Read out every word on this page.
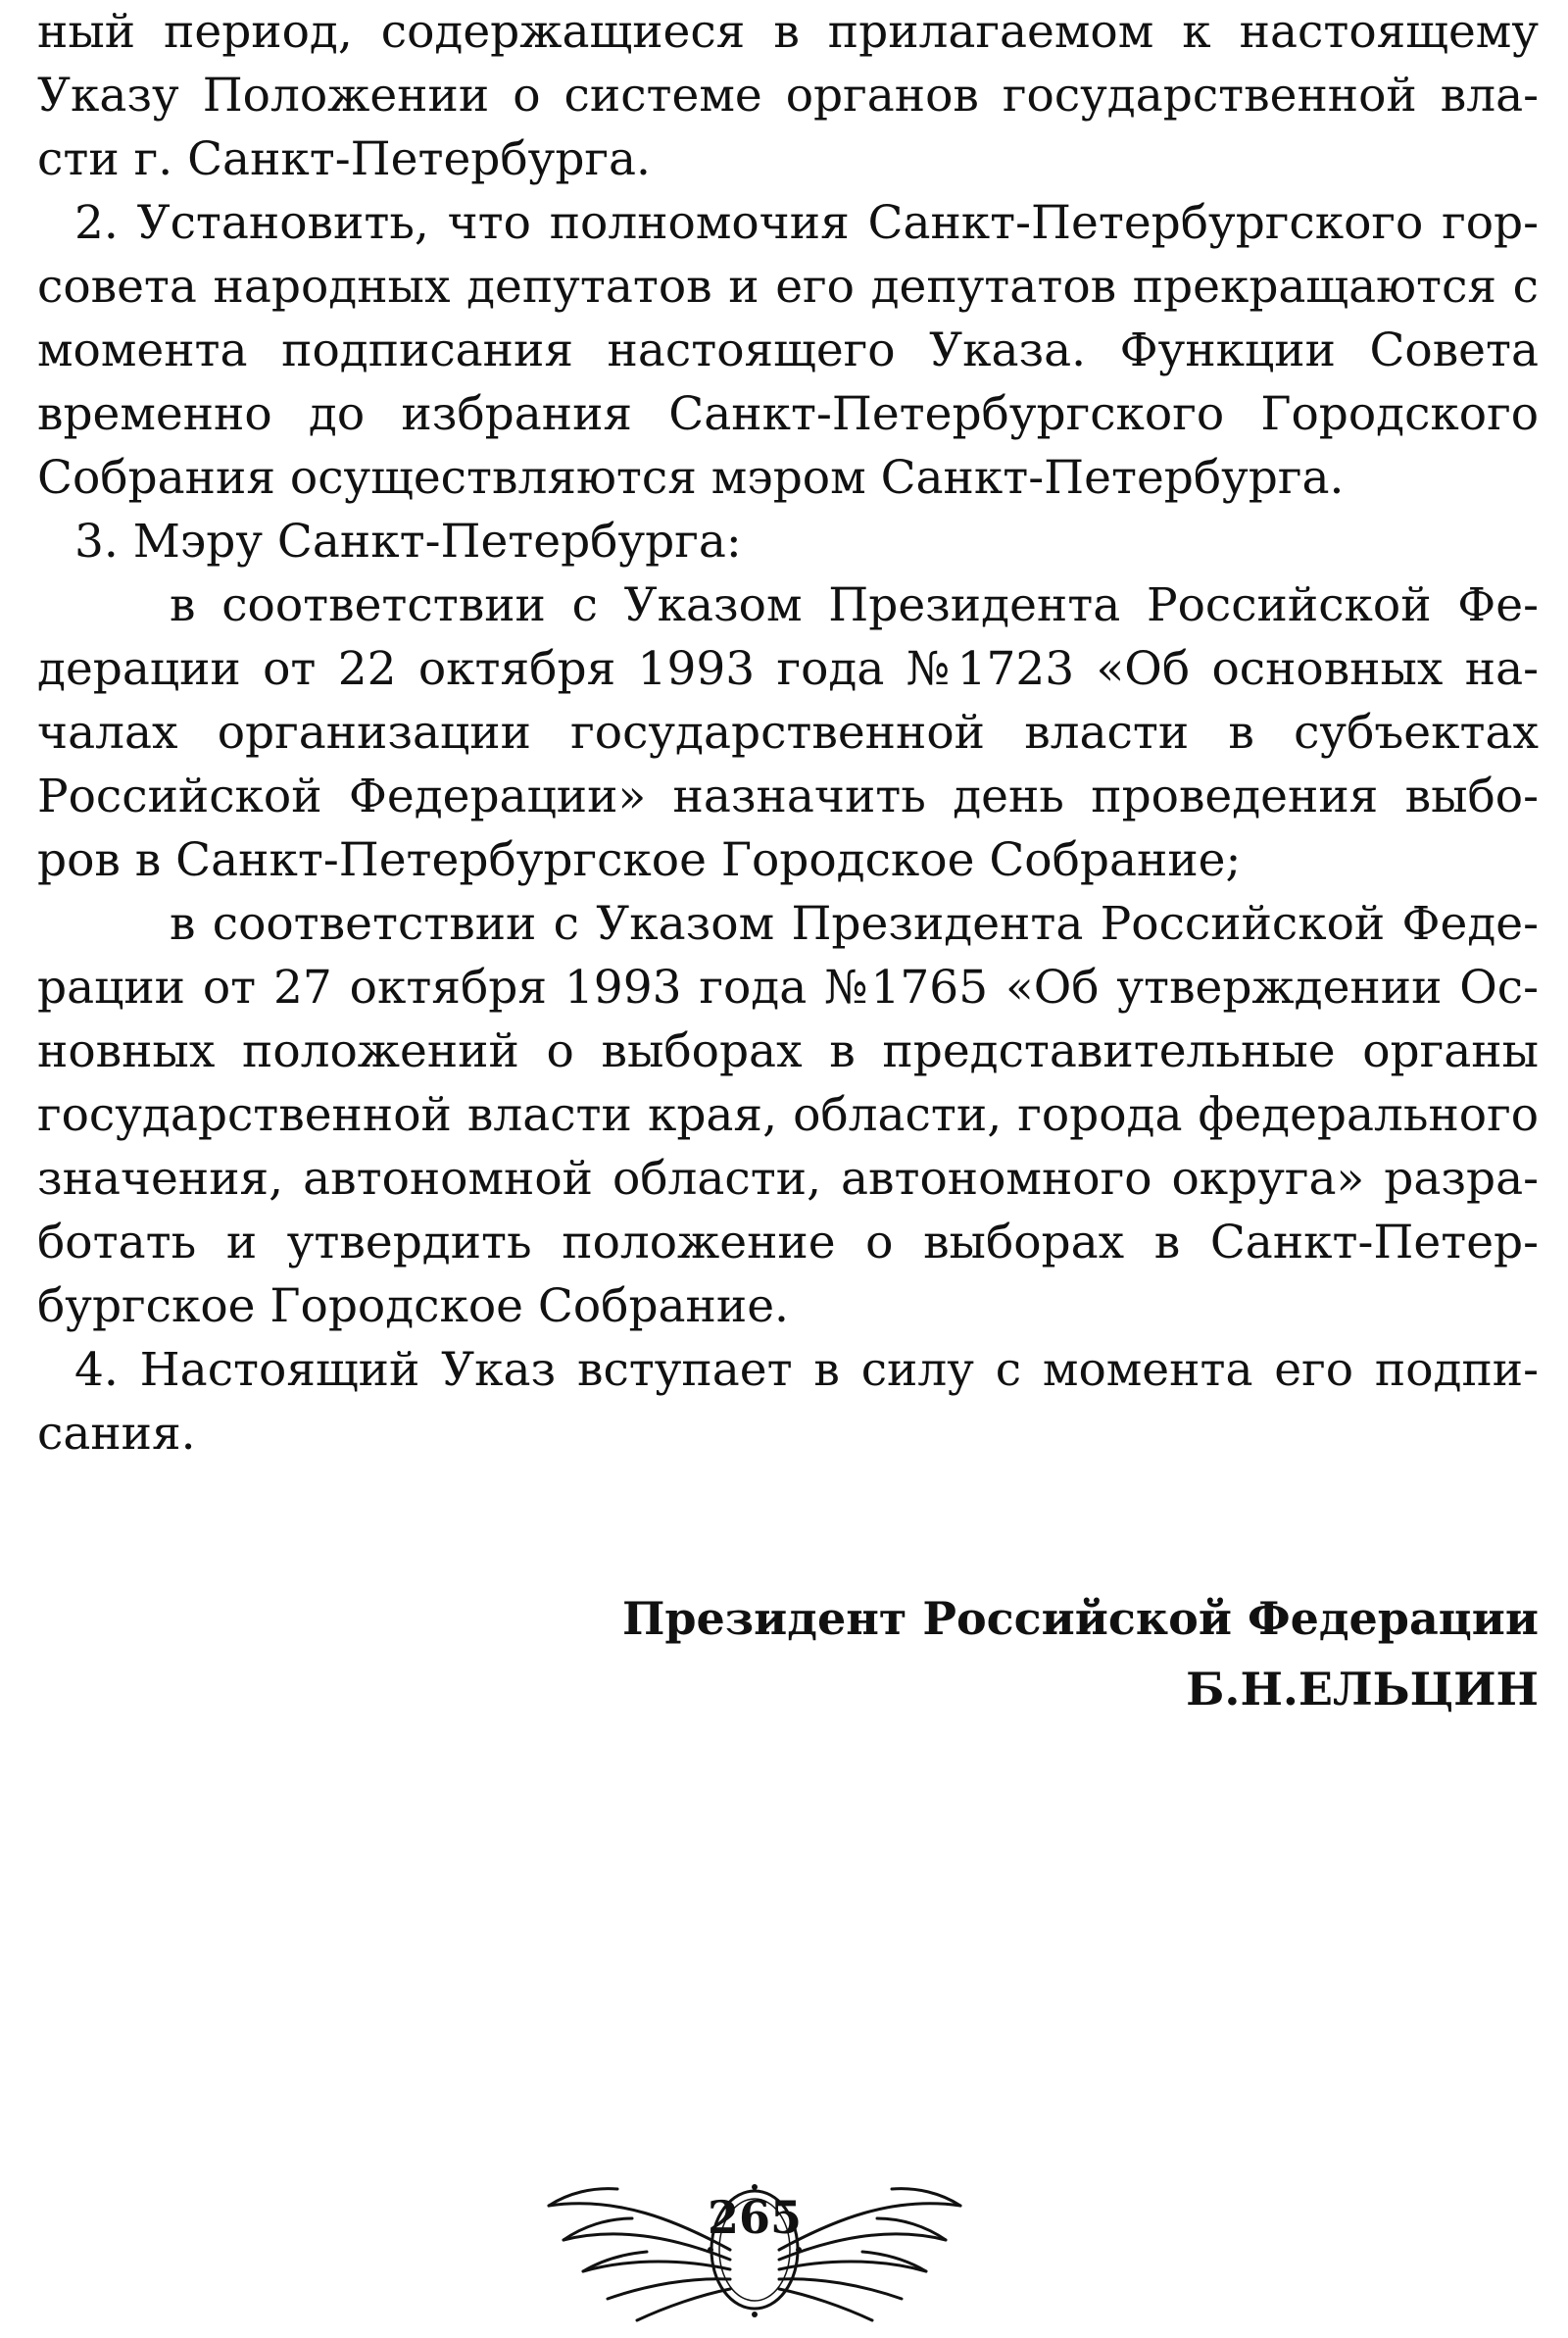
ный период, содержащиеся в прилагаемом к настоящему Указу Положении о системе органов государственной власти г. Санкт-Петербурга.

2. Установить, что полномочия Санкт-Петербургского горсовета народных депутатов и его депутатов прекращаются с момента подписания настоящего Указа. Функции Совета временно до избрания Санкт-Петербургского Городского Собрания осуществляются мэром Санкт-Петербурга.

3. Мэру Санкт-Петербурга:

в соответствии с Указом Президента Российской Федерации от 22 октября 1993 года №1723 «Об основных началах организации государственной власти в субъектах Российской Федерации» назначить день проведения выборов в Санкт-Петербургское Городское Собрание;

в соответствии с Указом Президента Российской Федерации от 27 октября 1993 года №1765 «Об утверждении Основных положений о выборах в представительные органы государственной власти края, области, города федерального значения, автономной области, автономного округа» разработать и утвердить положение о выборах в Санкт-Петербургское Городское Собрание.

4. Настоящий Указ вступает в силу с момента его подписания.

Президент Российской Федерации
Б.Н.ЕЛЬЦИН
265
